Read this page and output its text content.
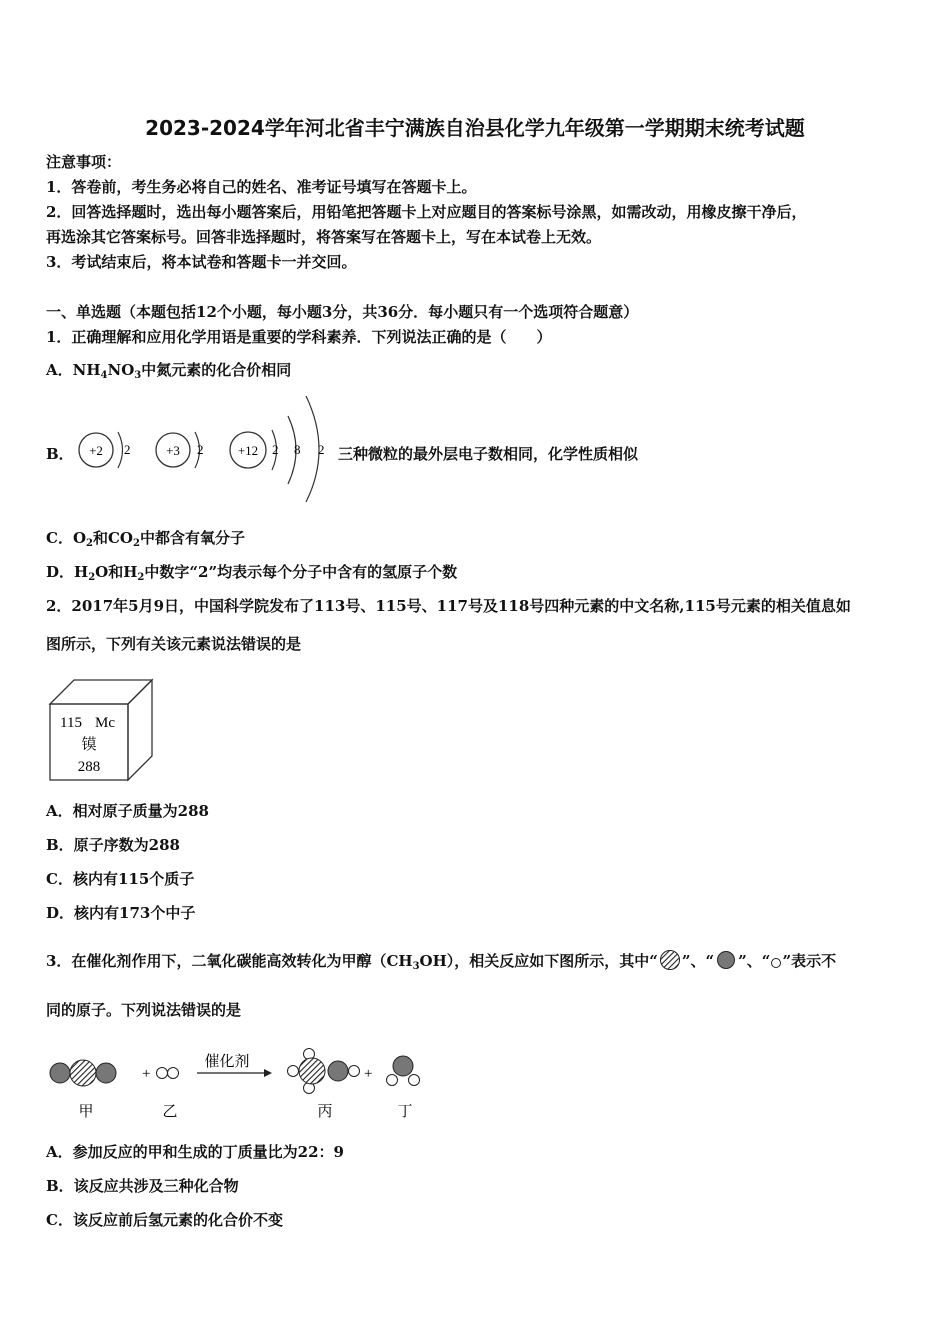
2023-2024学年河北省丰宁满族自治县化学九年级第一学期期末统考试题
注意事项：
1．答卷前，考生务必将自己的姓名、准考证号填写在答题卡上。
2．回答选择题时，选出每小题答案后，用铅笔把答题卡上对应题目的答案标号涂黑，如需改动，用橡皮擦干净后，
再选涂其它答案标号。回答非选择题时，将答案写在答题卡上，写在本试卷上无效。
3．考试结束后，将本试卷和答题卡一并交回。
一、单选题（本题包括12个小题，每小题3分，共36分．每小题只有一个选项符合题意）
1．正确理解和应用化学用语是重要的学科素养．下列说法正确的是（　　）
A．$NH_4NO_3$中氮元素的化合价相同
B． +2 2	+3 2	+12 2 8 2 三种微粒的最外层电子数相同，化学性质相似
C．$O_2$和$CO_2$中都含有氧分子
D．$H_2O$和$H_2$中数字“2”均表示每个分子中含有的氢原子个数
2．2017年5月9日，中国科学院发布了113号、115号、117号及118号四种元素的中文名称,115号元素的相关值息如
图所示，下列有关该元素说法错误的是
115 Mc
镆
288
A．相对原子质量为288
B．原子序数为288
C．核内有115个质子
D．核内有173个中子
3．在催化剂作用下，二氧化碳能高效转化为甲醇$(CH_3OH)$，相关反应如下图所示，其中“ ”、“ ”、“ ”表示不
同的原子。下列说法错误的是
+
催化剂
+
甲	乙	丙	丁
A．参加反应的甲和生成的丁质量比为22：9
B．该反应共涉及三种化合物
C．该反应前后氢元素的化合价不变
